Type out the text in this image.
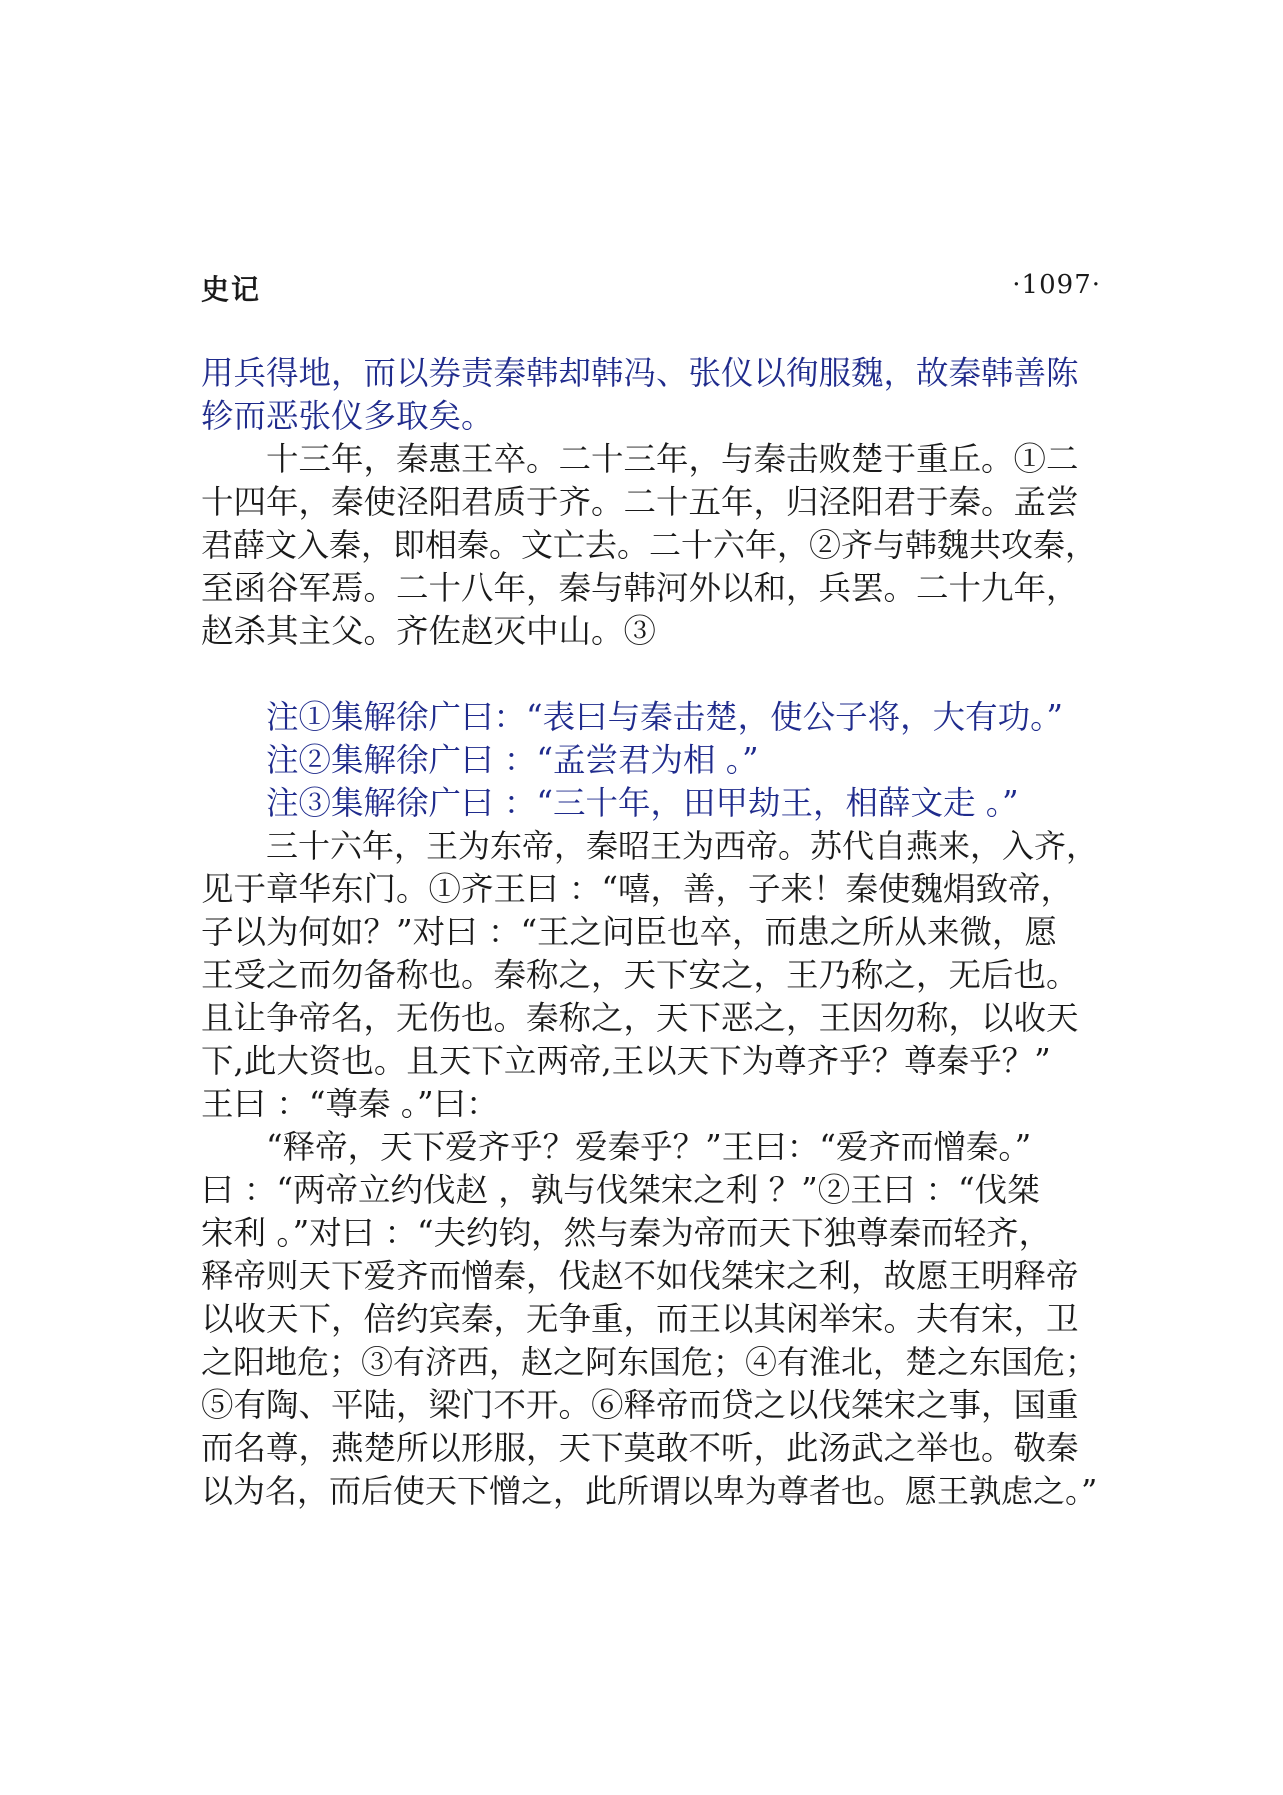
史记	·1097·
用兵得地，而以券责秦韩却韩冯、张仪以徇服魏，故秦韩善陈
轸而恶张仪多取矣。
十三年，秦惠王卒。二十三年，与秦击败楚于重丘。①二
十四年，秦使泾阳君质于齐。二十五年，归泾阳君于秦。孟尝
君薛文入秦，即相秦。文亡去。二十六年，②齐与韩魏共攻秦，
至函谷军焉。二十八年，秦与韩河外以和，兵罢。二十九年，
赵杀其主父。齐佐赵灭中山。③
注①集解徐广曰：“表曰与秦击楚，使公子将，大有功。”
注②集解徐广曰 ：“孟尝君为相 。”
注③集解徐广曰 ：“三十年，田甲劫王，相薛文走 。”
三十六年，王为东帝，秦昭王为西帝。苏代自燕来，入齐，
见于章华东门。①齐王曰 ：“嘻，善，子来！秦使魏焆致帝，
子以为何如？”对曰 ：“王之问臣也卒，而患之所从来微，愿
王受之而勿备称也。秦称之，天下安之，王乃称之，无后也。
且让争帝名，无伤也。秦称之，天下恶之，王因勿称，以收天
下,此大资也。且天下立两帝,王以天下为尊齐乎？尊秦乎？”
王曰 ：“尊秦 。”曰：
“释帝，天下爱齐乎？爱秦乎？”王曰：“爱齐而憎秦。”
曰 ：“两帝立约伐赵 ，孰与伐桀宋之利 ？”②王曰 ：“伐桀
宋利 。”对曰 ：“夫约钧，然与秦为帝而天下独尊秦而轻齐，
释帝则天下爱齐而憎秦，伐赵不如伐桀宋之利，故愿王明释帝
以收天下，倍约宾秦，无争重，而王以其闲举宋。夫有宋，卫
之阳地危；③有济西，赵之阿东国危；④有淮北，楚之东国危；
⑤有陶、平陆，梁门不开。⑥释帝而贷之以伐桀宋之事，国重
而名尊，燕楚所以形服，天下莫敢不听，此汤武之举也。敬秦
以为名，而后使天下憎之，此所谓以卑为尊者也。愿王孰虑之。”
